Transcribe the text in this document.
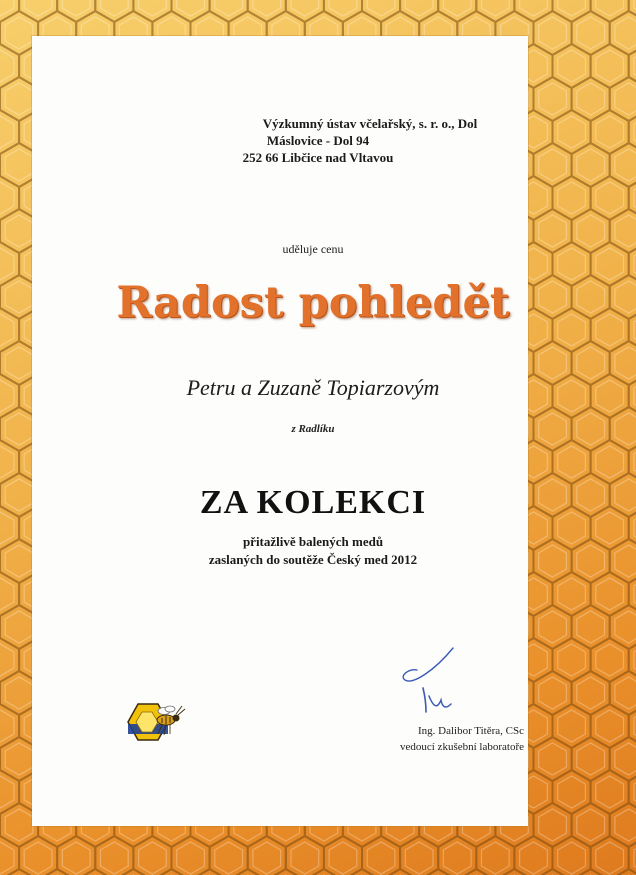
Výzkumný ústav včelařský, s. r. o., Dol
Máslovice - Dol 94
252 66 Libčice nad Vltavou
uděluje cenu
Radost pohledět
Petru a Zuzaně Topiarzovým
z Radlíku
ZA KOLEKCI
přitažlivě balených medů
zaslaných do soutěže Český med 2012
Ing. Dalibor Titěra, CSc
vedoucí zkušební laboratoře
